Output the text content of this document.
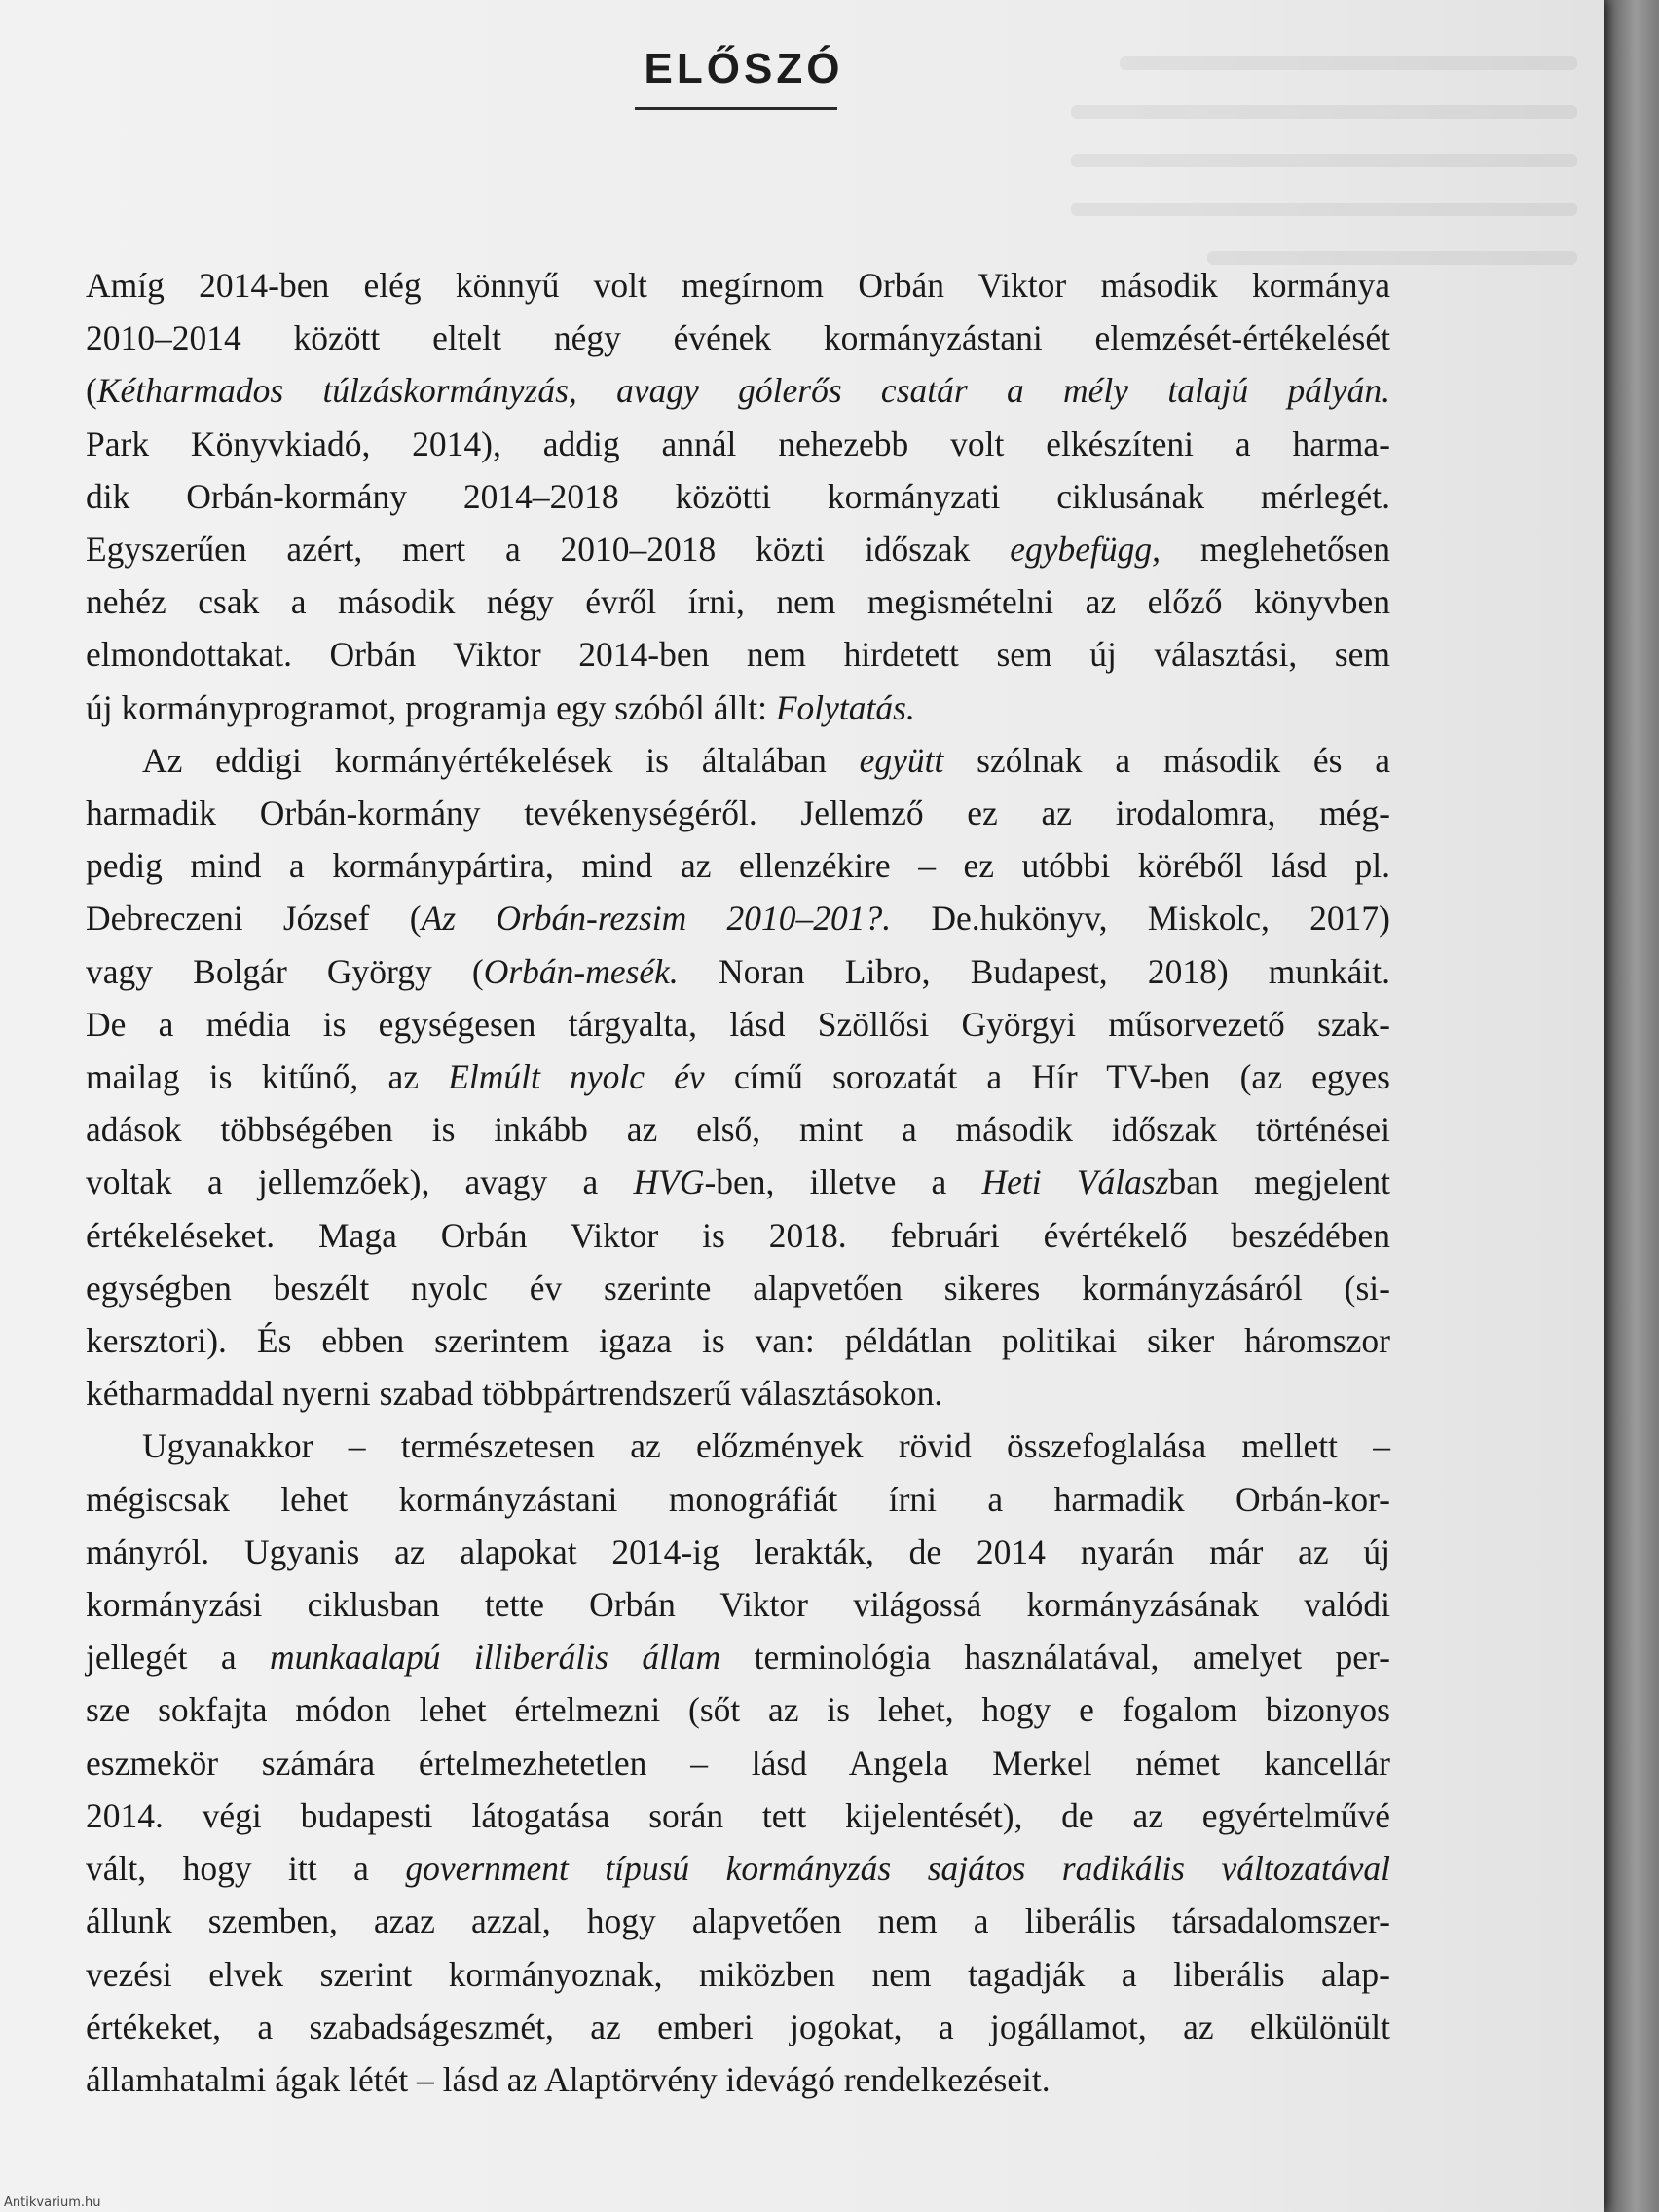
ELŐSZÓ

Amíg 2014-ben elég könnyű volt megírnom Orbán Viktor második kormánya
2010–2014 között eltelt négy évének kormányzástani elemzését-értékelését
(Kétharmados túlzáskormányzás, avagy gólerős csatár a mély talajú pályán.
Park Könyvkiadó, 2014), addig annál nehezebb volt elkészíteni a harma-
dik Orbán-kormány 2014–2018 közötti kormányzati ciklusának mérlegét.
Egyszerűen azért, mert a 2010–2018 közti időszak egybefügg, meglehetősen
nehéz csak a második négy évről írni, nem megismételni az előző könyvben
elmondottakat. Orbán Viktor 2014-ben nem hirdetett sem új választási, sem
új kormányprogramot, programja egy szóból állt: Folytatás.

Az eddigi kormányértékelések is általában együtt szólnak a második és a
harmadik Orbán-kormány tevékenységéről. Jellemző ez az irodalomra, még-
pedig mind a kormánypártira, mind az ellenzékire – ez utóbbi köréből lásd pl.
Debreczeni József (Az Orbán-rezsim 2010–201?. De.hukönyv, Miskolc, 2017)
vagy Bolgár György (Orbán-mesék. Noran Libro, Budapest, 2018) munkáit.
De a média is egységesen tárgyalta, lásd Szöllősi Györgyi műsorvezető szak-
mailag is kitűnő, az Elmúlt nyolc év című sorozatát a Hír TV-ben (az egyes
adások többségében is inkább az első, mint a második időszak történései
voltak a jellemzőek), avagy a HVG-ben, illetve a Heti Válaszban megjelent
értékeléseket. Maga Orbán Viktor is 2018. februári évértékelő beszédében
egységben beszélt nyolc év szerinte alapvetően sikeres kormányzásáról (si-
kersztori). És ebben szerintem igaza is van: példátlan politikai siker háromszor
kétharmaddal nyerni szabad többpártrendszerű választásokon.

Ugyanakkor – természetesen az előzmények rövid összefoglalása mellett –
mégiscsak lehet kormányzástani monográfiát írni a harmadik Orbán-kor-
mányról. Ugyanis az alapokat 2014-ig lerakták, de 2014 nyarán már az új
kormányzási ciklusban tette Orbán Viktor világossá kormányzásának valódi
jellegét a munkaalapú illiberális állam terminológia használatával, amelyet per-
sze sokfajta módon lehet értelmezni (sőt az is lehet, hogy e fogalom bizonyos
eszmekör számára értelmezhetetlen – lásd Angela Merkel német kancellár
2014. végi budapesti látogatása során tett kijelentését), de az egyértelművé
vált, hogy itt a government típusú kormányzás sajátos radikális változatával
állunk szemben, azaz azzal, hogy alapvetően nem a liberális társadalomszer-
vezési elvek szerint kormányoznak, miközben nem tagadják a liberális alap-
értékeket, a szabadságeszmét, az emberi jogokat, a jogállamot, az elkülönült
államhatalmi ágak létét – lásd az Alaptörvény idevágó rendelkezéseit.

Antikvarium.hu
